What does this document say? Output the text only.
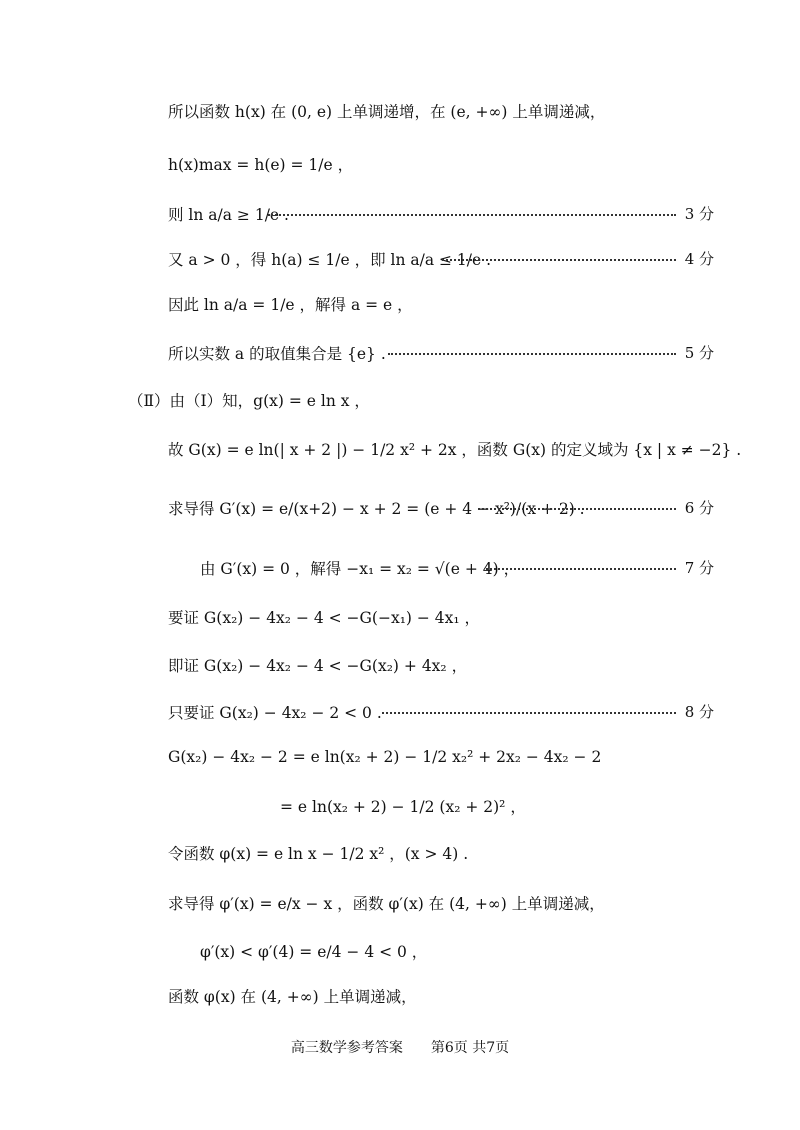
所以函数 h(x) 在 (0, e) 上单调递增，在 (e, +∞) 上单调递减，
h(x)max = h(e) = 1/e ，
则 ln a/a ≥ 1/e .	3 分
又 a > 0 ，得 h(a) ≤ 1/e ，即 ln a/a ≤ 1/e .	4 分
因此 ln a/a = 1/e ，解得 a = e ，
所以实数 a 的取值集合是 {e} .	5 分
（Ⅱ）由（Ⅰ）知，g(x) = e ln x ，
故 G(x) = e ln(| x + 2 |) − 1/2 x² + 2x ，函数 G(x) 的定义域为 {x | x ≠ −2} .
求导得 G′(x) = e/(x+2) − x + 2 = (e + 4 − x²)/(x + 2) .	6 分
由 G′(x) = 0 ，解得 −x₁ = x₂ = √(e + 4) ，	7 分
要证 G(x₂) − 4x₂ − 4 < −G(−x₁) − 4x₁ ，
即证 G(x₂) − 4x₂ − 4 < −G(x₂) + 4x₂ ，
只要证 G(x₂) − 4x₂ − 2 < 0 .	8 分
G(x₂) − 4x₂ − 2 = e ln(x₂ + 2) − 1/2 x₂² + 2x₂ − 4x₂ − 2
= e ln(x₂ + 2) − 1/2 (x₂ + 2)² ，
令函数 φ(x) = e ln x − 1/2 x² ，(x > 4) .
求导得 φ′(x) = e/x − x ，函数 φ′(x) 在 (4, +∞) 上单调递减，
φ′(x) < φ′(4) = e/4 − 4 < 0 ，
函数 φ(x) 在 (4, +∞) 上单调递减，
高三数学参考答案　　第6页 共7页
